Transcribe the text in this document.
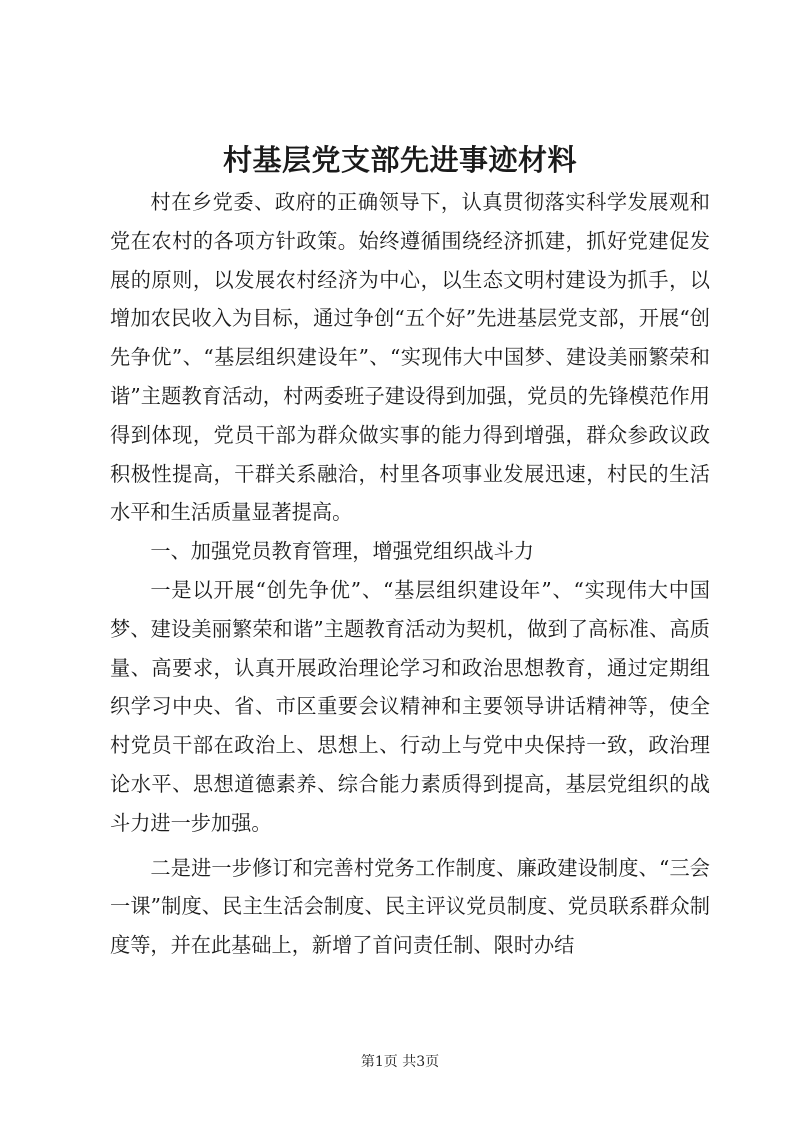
村基层党支部先进事迹材料

村在乡党委、政府的正确领导下，认真贯彻落实科学发展观和党在农村的各项方针政策。始终遵循围绕经济抓建，抓好党建促发展的原则，以发展农村经济为中心，以生态文明村建设为抓手，以增加农民收入为目标，通过争创“五个好”先进基层党支部，开展“创先争优”、“基层组织建设年”、“实现伟大中国梦、建设美丽繁荣和谐”主题教育活动，村两委班子建设得到加强，党员的先锋模范作用得到体现，党员干部为群众做实事的能力得到增强，群众参政议政积极性提高，干群关系融洽，村里各项事业发展迅速，村民的生活水平和生活质量显著提高。

一、加强党员教育管理，增强党组织战斗力

一是以开展“创先争优”、“基层组织建设年”、“实现伟大中国梦、建设美丽繁荣和谐”主题教育活动为契机，做到了高标准、高质量、高要求，认真开展政治理论学习和政治思想教育，通过定期组织学习中央、省、市区重要会议精神和主要领导讲话精神等，使全村党员干部在政治上、思想上、行动上与党中央保持一致，政治理论水平、思想道德素养、综合能力素质得到提高，基层党组织的战斗力进一步加强。

二是进一步修订和完善村党务工作制度、廉政建设制度、“三会一课”制度、民主生活会制度、民主评议党员制度、党员联系群众制度等，并在此基础上，新增了首问责任制、限时办结

第1页 共3页
